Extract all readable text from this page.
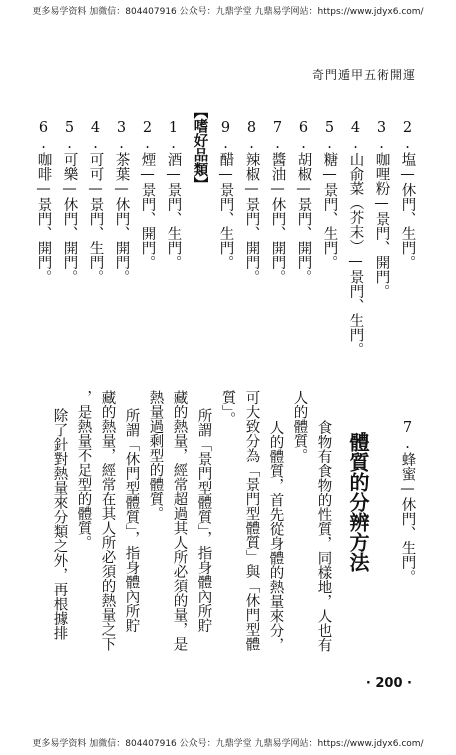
更多易学资料 加微信：804407916 公众号：九鼎学堂 九鼎易学网站：https://www.jdyx6.com/
奇門遁甲五術開運
2.塩—休門、生門。
3.咖哩粉—景門、開門。
4.山俞菜（芥末）—景門、生門。
5.糖—景門、生門。
6.胡椒—景門、開門。
7.醬油—休門、開門。
8.辣椒—景門、開門。
9.醋—景門、生門。
【嗜好品類】
1.酒—景門、生門。
2.煙—景門、開門。
3.茶葉—休門、開門。
4.可可—景門、生門。
5.可樂—休門、開門。
6.咖啡—景門、開門。
7.蜂蜜—休門、生門。
體質的分辨方法
食物有食物的性質，同樣地，人也有
人的體質。
人的體質，首先從身體的熱量來分，
可大致分為「景門型體質」與「休門型體
質」。
所謂「景門型體質」，指身體內所貯
藏的熱量，經常超過其人所必須的量，是
熱量過剩型的體質。
所謂「休門型體質」，指身體內所貯
藏的熱量，經常在其人所必須的熱量之下
，是熱量不足型的體質。
除了針對熱量來分類之外，再根據排
· 200 ·
更多易学资料 加微信：804407916 公众号：九鼎学堂 九鼎易学网站：https://www.jdyx6.com/
